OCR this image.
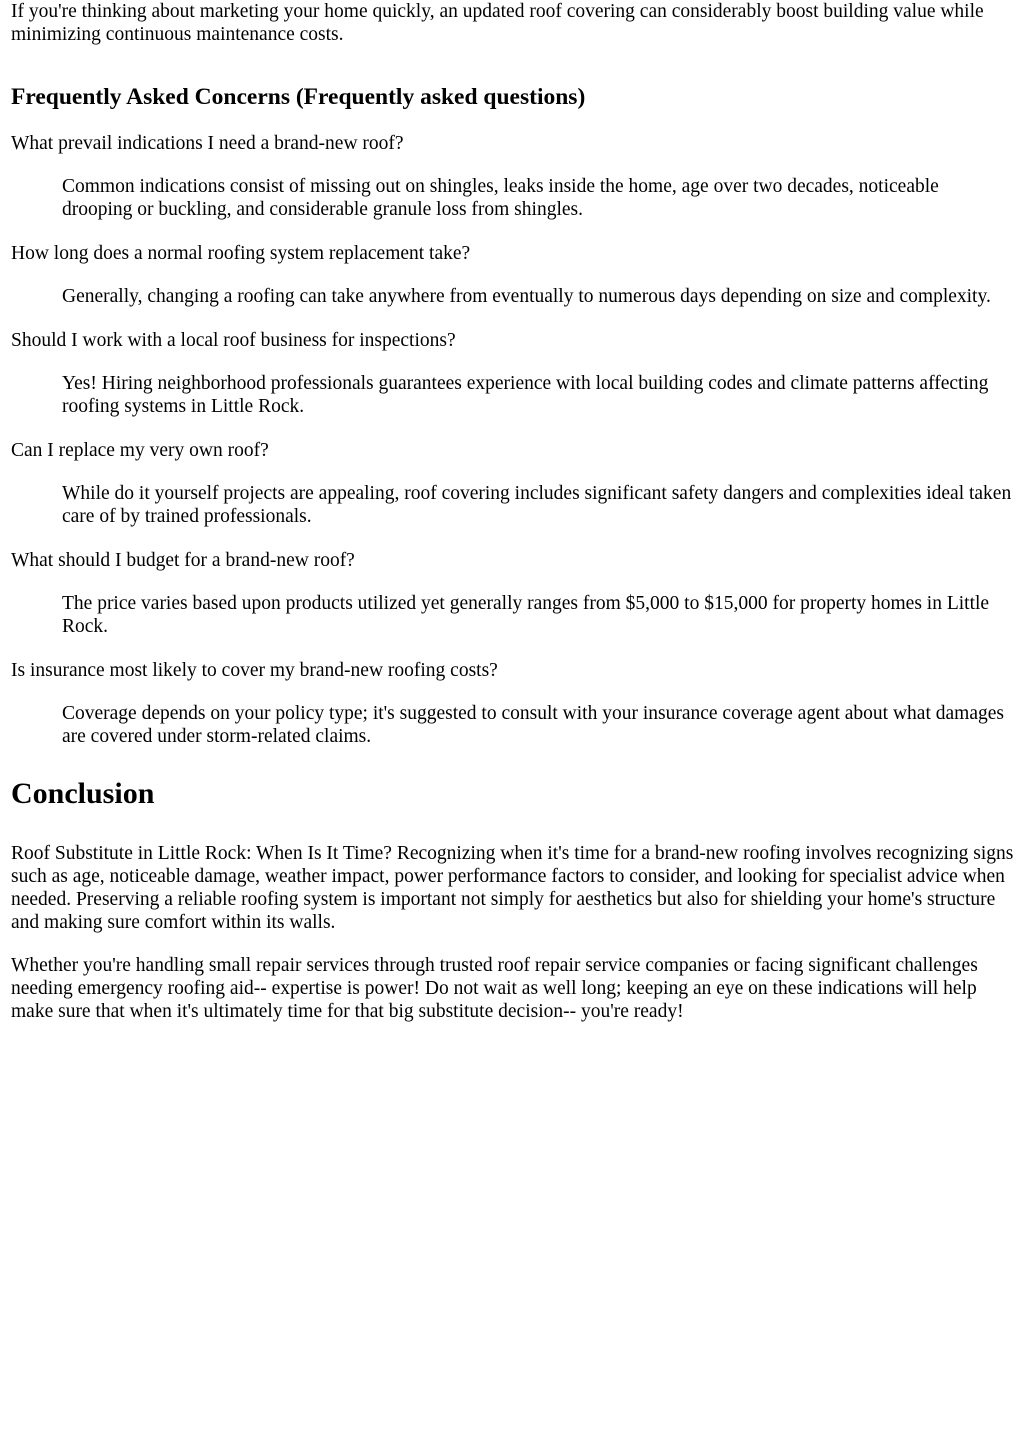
If you're thinking about marketing your home quickly, an updated roof covering can considerably boost building value while minimizing continuous maintenance costs.

Frequently Asked Concerns (Frequently asked questions)

What prevail indications I need a brand-new roof?

Common indications consist of missing out on shingles, leaks inside the home, age over two decades, noticeable drooping or buckling, and considerable granule loss from shingles.

How long does a normal roofing system replacement take?

Generally, changing a roofing can take anywhere from eventually to numerous days depending on size and complexity.

Should I work with a local roof business for inspections?

Yes! Hiring neighborhood professionals guarantees experience with local building codes and climate patterns affecting roofing systems in Little Rock.

Can I replace my very own roof?

While do it yourself projects are appealing, roof covering includes significant safety dangers and complexities ideal taken care of by trained professionals.

What should I budget for a brand-new roof?

The price varies based upon products utilized yet generally ranges from $5,000 to $15,000 for property homes in Little Rock.

Is insurance most likely to cover my brand-new roofing costs?

Coverage depends on your policy type; it's suggested to consult with your insurance coverage agent about what damages are covered under storm-related claims.

Conclusion

Roof Substitute in Little Rock: When Is It Time? Recognizing when it's time for a brand-new roofing involves recognizing signs such as age, noticeable damage, weather impact, power performance factors to consider, and looking for specialist advice when needed. Preserving a reliable roofing system is important not simply for aesthetics but also for shielding your home's structure and making sure comfort within its walls.

Whether you're handling small repair services through trusted roof repair service companies or facing significant challenges needing emergency roofing aid-- expertise is power! Do not wait as well long; keeping an eye on these indications will help make sure that when it's ultimately time for that big substitute decision-- you're ready!
